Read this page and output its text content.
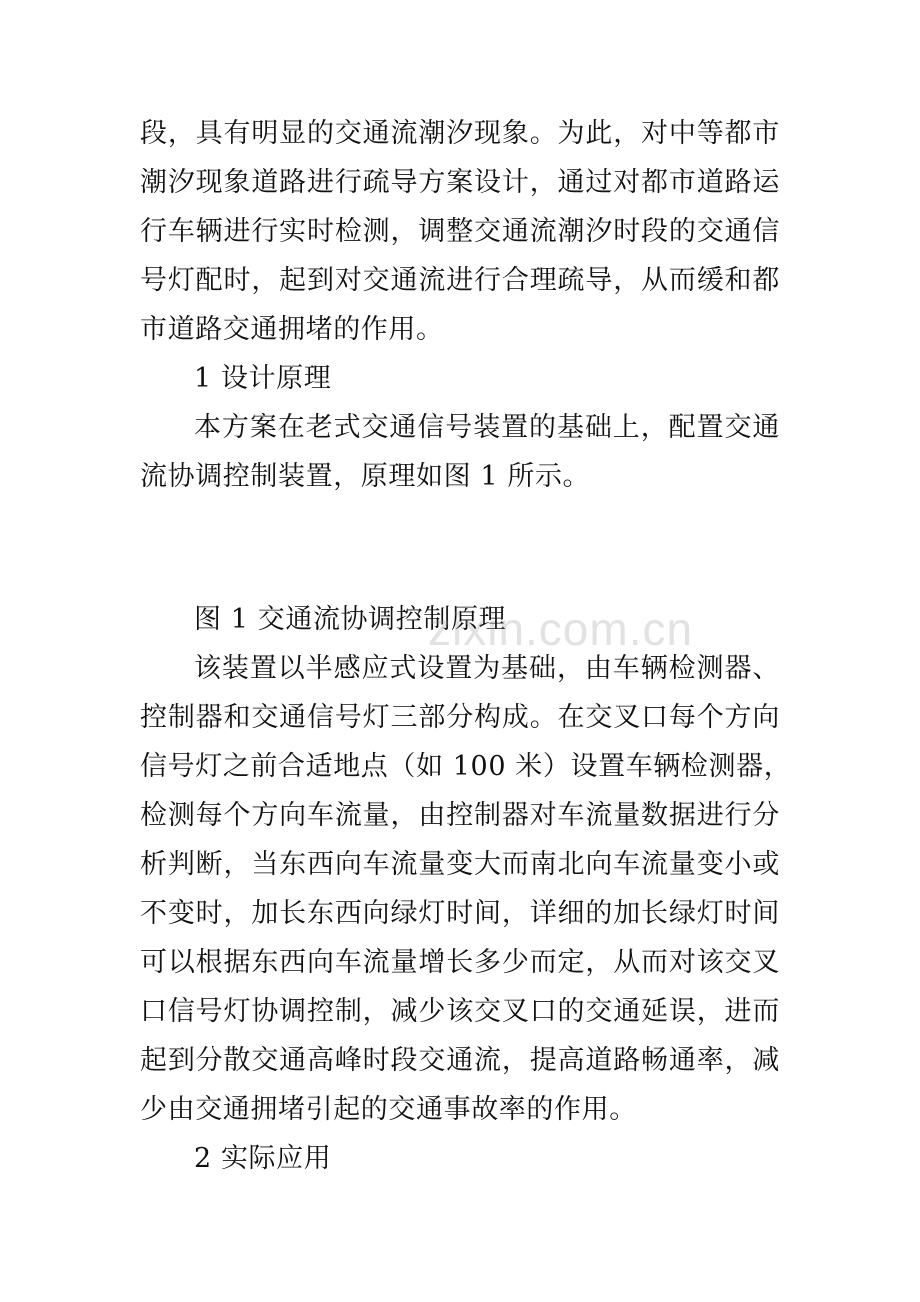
段，具有明显的交通流潮汐现象。为此，对中等都市
潮汐现象道路进行疏导方案设计，通过对都市道路运
行车辆进行实时检测，调整交通流潮汐时段的交通信
号灯配时，起到对交通流进行合理疏导，从而缓和都
市道路交通拥堵的作用。
1 设计原理
本方案在老式交通信号装置的基础上，配置交通
流协调控制装置，原理如图 1 所示。
图 1 交通流协调控制原理
zixin.com.cn
该装置以半感应式设置为基础，由车辆检测器、
控制器和交通信号灯三部分构成。在交叉口每个方向
信号灯之前合适地点（如 100 米）设置车辆检测器，
检测每个方向车流量，由控制器对车流量数据进行分
析判断，当东西向车流量变大而南北向车流量变小或
不变时，加长东西向绿灯时间，详细的加长绿灯时间
可以根据东西向车流量增长多少而定，从而对该交叉
口信号灯协调控制，减少该交叉口的交通延误，进而
起到分散交通高峰时段交通流，提高道路畅通率，减
少由交通拥堵引起的交通事故率的作用。
2 实际应用
